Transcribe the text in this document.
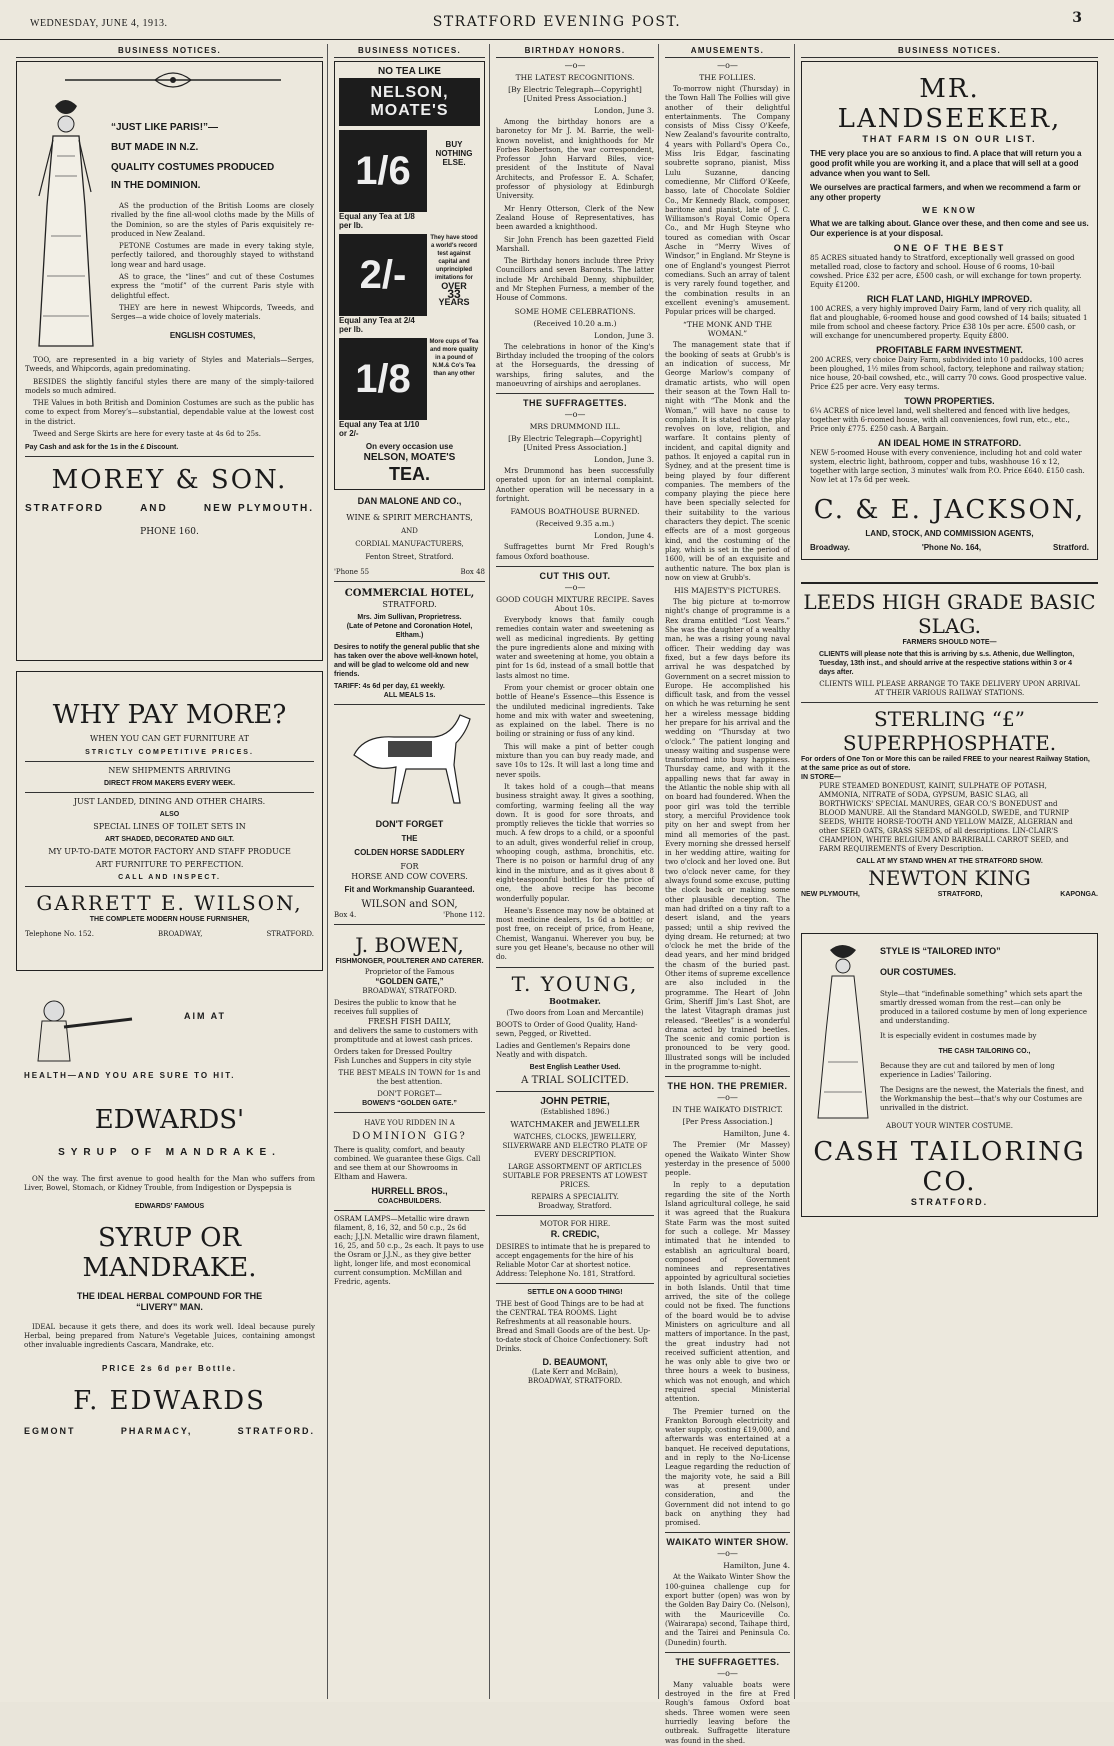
WEDNESDAY, JUNE 4, 1913.	STRATFORD EVENING POST.	3
BUSINESS NOTICES.
“JUST LIKE PARIS!”—
BUT MADE IN N.Z.
QUALITY COSTUMES PRODUCED
IN THE DOMINION.
AS the production of the British Looms are closely rivalled by the fine all-wool cloths made by the Mills of the Dominion, so are the styles of Paris exquisitely re-produced in New Zealand.
PETONE Costumes are made in every taking style, perfectly tailored, and thoroughly stayed to withstand long wear and hard usage.
AS to grace, the “lines” and cut of these Costumes express the “motif” of the current Paris style with delightful effect.
THEY are here in newest Whipcords, Tweeds, and Serges—a wide choice of lovely materials.
ENGLISH COSTUMES,
TOO, are represented in a big variety of Styles and Materials—Serges, Tweeds, and Whipcords, again predominating.
BESIDES the slightly fanciful styles there are many of the simply-tailored models so much admired.
THE Values in both British and Dominion Costumes are such as the public has come to expect from Morey’s—substantial, dependable value at the lowest cost in the district.
Tweed and Serge Skirts are here for every taste at 4s 6d to 25s.
Pay Cash and ask for the 1s in the £ Discount.
MOREY & SON.
STRATFORD	AND	NEW PLYMOUTH.
PHONE 160.
WHY PAY MORE?
WHEN YOU CAN GET FURNITURE AT
STRICTLY COMPETITIVE PRICES.
NEW SHIPMENTS ARRIVING
DIRECT FROM MAKERS EVERY WEEK.
JUST LANDED, DINING AND OTHER CHAIRS.
ALSO
SPECIAL LINES OF TOILET SETS IN
ART SHADED, DECORATED AND GILT.
MY UP-TO-DATE MOTOR FACTORY AND STAFF PRODUCE
ART FURNITURE TO PERFECTION.
CALL AND INSPECT.
GARRETT E. WILSON,
THE COMPLETE MODERN HOUSE FURNISHER,
Telephone No. 152.	BROADWAY,	STRATFORD.
AIM AT
HEALTH—AND YOU ARE SURE TO HIT.
EDWARDS'
SYRUP OF MANDRAKE.
ON the way. The first avenue to good health for the Man who suffers from Liver, Bowel, Stomach, or Kidney Trouble, from Indigestion or Dyspepsia is
EDWARDS' FAMOUS
SYRUP OR MANDRAKE.
THE IDEAL HERBAL COMPOUND FOR THE
“LIVERY” MAN.
IDEAL because it gets there, and does its work well. Ideal because purely Herbal, being prepared from Nature's Vegetable Juices, containing amongst other invaluable ingredients Cascara, Mandrake, etc.
PRICE 2s 6d per Bottle.
F. EDWARDS
EGMONT	PHARMACY,	STRATFORD.
BUSINESS NOTICES.
NO TEA LIKE
NELSON, MOATE'S
1/6
Equal any Tea at 1/8 per lb.
BUY
NOTHING
ELSE.
2/-
Equal any Tea at 2/4 per lb.
They have stood a world's record test against capital and unprincipled imitations for
OVER
33
YEARS
1/8
Equal any Tea at 1/10 or 2/-
More cups of Tea and more quality in a pound of N.M.& Co's Tea than any other
On every occasion use
NELSON, MOATE'S
TEA.
DAN MALONE AND CO.,
WINE & SPIRIT MERCHANTS,
AND
CORDIAL MANUFACTURERS,
Fenton Street, Stratford.
'Phone 55	Box 48
COMMERCIAL HOTEL,
STRATFORD.
Mrs. Jim Sullivan, Proprietress.
(Late of Petone and Coronation Hotel, Eltham.)
Desires to notify the general public that she has taken over the above well-known hotel, and will be glad to welcome old and new friends.
TARIFF: 4s 6d per day, £1 weekly.
ALL MEALS 1s.
DON'T FORGET
THE
COLDEN HORSE SADDLERY
FOR
HORSE AND COW COVERS.
Fit and Workmanship Guaranteed.
WILSON and SON,
Box 4.	'Phone 112.
J. BOWEN,
FISHMONGER, POULTERER AND CATERER.
Proprietor of the Famous
“GOLDEN GATE,”
BROADWAY, STRATFORD.
Desires the public to know that he receives full supplies of
FRESH FISH DAILY,
and delivers the same to customers with promptitude and at lowest cash prices.
Orders taken for Dressed Poultry
Fish Lunches and Suppers in city style
THE BEST MEALS IN TOWN for 1s and the best attention.
DON'T FORGET—
BOWEN'S “GOLDEN GATE.”
HAVE YOU RIDDEN IN A
DOMINION GIG?
There is quality, comfort, and beauty combined. We guarantee these Gigs. Call and see them at our Showrooms in Eltham and Hawera.
HURRELL BROS.,
COACHBUILDERS.
OSRAM LAMPS—Metallic wire drawn filament, 8, 16, 32, and 50 c.p., 2s 6d each; J.J.N. Metallic wire drawn filament, 16, 25, and 50 c.p., 2s each. It pays to use the Osram or J.J.N., as they give better light, longer life, and most economical current consumption. McMillan and Fredric, agents.
BIRTHDAY HONORS.
—o—
THE LATEST RECOGNITIONS.
[By Electric Telegraph—Copyright] [United Press Association.]
London, June 3.
Among the birthday honors are a baronetcy for Mr J. M. Barrie, the well-known novelist, and knighthoods for Mr Forbes Robertson, the war correspondent, Professor John Harvard Biles, vice-president of the Institute of Naval Architects, and Professor E. A. Schafer, professor of physiology at Edinburgh University.
Mr Henry Otterson, Clerk of the New Zealand House of Representatives, has been awarded a knighthood.
Sir John French has been gazetted Field Marshall.
The Birthday honors include three Privy Councillors and seven Baronets. The latter include Mr Archibald Denny, shipbuilder, and Mr Stephen Furness, a member of the House of Commons.
SOME HOME CELEBRATIONS.
(Received 10.20 a.m.)
London, June 3.
The celebrations in honor of the King's Birthday included the trooping of the colors at the Horseguards, the dressing of warships, firing salutes, and the manoeuvring of airships and aeroplanes.
THE SUFFRAGETTES.
—o—
MRS DRUMMOND ILL.
[By Electric Telegraph—Copyright] [United Press Association.]
London, June 3.
Mrs Drummond has been successfully operated upon for an internal complaint. Another operation will be necessary in a fortnight.
FAMOUS BOATHOUSE BURNED.
(Received 9.35 a.m.)
London, June 4.
Suffragettes burnt Mr Fred Rough's famous Oxford boathouse.
CUT THIS OUT.
—o—
GOOD COUGH MIXTURE RECIPE. Saves About 10s.
Everybody knows that family cough remedies contain water and sweetening as well as medicinal ingredients. By getting the pure ingredients alone and mixing with water and sweetening at home, you obtain a pint for 1s 6d, instead of a small bottle that lasts almost no time.
From your chemist or grocer obtain one bottle of Heane's Essence—this Essence is the undiluted medicinal ingredients. Take home and mix with water and sweetening, as explained on the label. There is no boiling or straining or fuss of any kind.
This will make a pint of better cough mixture than you can buy ready made, and save 10s to 12s. It will last a long time and never spoils.
It takes hold of a cough—that means business straight away. It gives a soothing, comforting, warming feeling all the way down. It is good for sore throats, and promptly relieves the tickle that worries so much. A few drops to a child, or a spoonful to an adult, gives wonderful relief in croup, whooping cough, asthma, bronchitis, etc. There is no poison or harmful drug of any kind in the mixture, and as it gives about 8 eight-teaspoonful bottles for the price of one, the above recipe has become wonderfully popular.
Heane's Essence may now be obtained at most medicine dealers, 1s 6d a bottle; or post free, on receipt of price, from Heane, Chemist, Wanganui. Wherever you buy, be sure you get Heane's, because no other will do.
T. YOUNG,
Bootmaker.
(Two doors from Loan and Mercantile)
BOOTS to Order of Good Quality, Hand-sewn, Pegged, or Rivetted.
Ladies and Gentlemen's Repairs done Neatly and with dispatch.
Best English Leather Used.
A TRIAL SOLICITED.
JOHN PETRIE,
(Established 1896.)
WATCHMAKER and JEWELLER
WATCHES, CLOCKS, JEWELLERY, SILVERWARE AND ELECTRO PLATE OF EVERY DESCRIPTION.
LARGE ASSORTMENT OF ARTICLES SUITABLE FOR PRESENTS AT LOWEST PRICES.
REPAIRS A SPECIALITY.
Broadway, Stratford.
MOTOR FOR HIRE.
R. CREDIC,
DESIRES to intimate that he is prepared to accept engagements for the hire of his Reliable Motor Car at shortest notice.
Address: Telephone No. 181, Stratford.
SETTLE ON A GOOD THING!
THE best of Good Things are to be had at the CENTRAL TEA ROOMS. Light Refreshments at all reasonable hours. Bread and Small Goods are of the best. Up-to-date stock of Choice Confectionery. Soft Drinks.
D. BEAUMONT,
(Late Kerr and McBain),
BROADWAY, STRATFORD.
AMUSEMENTS.
—o—
THE FOLLIES.
To-morrow night (Thursday) in the Town Hall The Follies will give another of their delightful entertainments. The Company consists of Miss Cissy O'Keefe, New Zealand's favourite contralto, 4 years with Pollard's Opera Co., Miss Iris Edgar, fascinating soubrette soprano, pianist, Miss Lulu Suzanne, dancing comedienne, Mr Clifford O'Keefe, basso, late of Chocolate Soldier Co., Mr Kennedy Black, composer, baritone and pianist, late of J. C. Williamson's Royal Comic Opera Co., and Mr Hugh Steyne who toured as comedian with Oscar Asche in “Merry Wives of Windsor,” in England. Mr Steyne is one of England's youngest Pierrot comedians. Such an array of talent is very rarely found together, and the combination results in an excellent evening's amusement. Popular prices will be charged.
“THE MONK AND THE WOMAN.”
The management state that if the booking of seats at Grubb's is an indication of success, Mr George Marlow's company of dramatic artists, who will open their season at the Town Hall to-night with “The Monk and the Woman,” will have no cause to complain. It is stated that the play revolves on love, religion, and warfare. It contains plenty of incident, and capital dignity and pathos. It enjoyed a capital run in Sydney, and at the present time is being played by four different companies. The members of the company playing the piece here have been specially selected for their suitability to the various characters they depict. The scenic effects are of a most gorgeous kind, and the costuming of the play, which is set in the period of 1600, will be of an exquisite and authentic nature. The box plan is now on view at Grubb's.
HIS MAJESTY'S PICTURES.
The big picture at to-morrow night's change of programme is a Rex drama entitled “Lost Years.” She was the daughter of a wealthy man, he was a rising young naval officer. Their wedding day was fixed, but a few days before its arrival he was despatched by Government on a secret mission to Europe. He accomplished his difficult task, and from the vessel on which he was returning he sent her a wireless message bidding her prepare for his arrival and the wedding on “Thursday at two o'clock.” The patient longing and uneasy waiting and suspense were transformed into busy happiness. Thursday came, and with it the appalling news that far away in the Atlantic the noble ship with all on board had foundered. When the poor girl was told the terrible story, a merciful Providence took pity on her and swept from her mind all memories of the past. Every morning she dressed herself in her wedding attire, waiting for two o'clock and her loved one. But two o'clock never came, for they always found some excuse, putting the clock back or making some other plausible deception. The man had drifted on a tiny raft to a desert island, and the years passed; until a ship revived the dying dream. He returned; at two o'clock he met the bride of the dead years, and her mind bridged the chasm of the buried past. Other items of supreme excellence are also included in the programme. The Heart of John Grim, Sheriff Jim's Last Shot, are the latest Vitagraph dramas just released. “Beetles” is a wonderful drama acted by trained beetles. The scenic and comic portion is pronounced to be very good. Illustrated songs will be included in the programme to-night.
THE HON. THE PREMIER.
—o—
IN THE WAIKATO DISTRICT.
[Per Press Association.]
Hamilton, June 4.
The Premier (Mr Massey) opened the Waikato Winter Show yesterday in the presence of 5000 people.
In reply to a deputation regarding the site of the North Island agricultural college, he said it was agreed that the Ruakura State Farm was the most suited for such a college. Mr Massey intimated that he intended to establish an agricultural board, composed of Government nominees and representatives appointed by agricultural societies in both Islands. Until that time arrived, the site of the college could not be fixed. The functions of the board would be to advise Ministers on agriculture and all matters of importance. In the past, the great industry had not received sufficient attention, and he was only able to give two or three hours a week to business, which was not enough, and which required special Ministerial attention.
The Premier turned on the Frankton Borough electricity and water supply, costing £19,000, and afterwards was entertained at a banquet. He received deputations, and in reply to the No-License League regarding the reduction of the majority vote, he said a Bill was at present under consideration, and the Government did not intend to go back on anything they had promised.
WAIKATO WINTER SHOW.
—o—
Hamilton, June 4.
At the Waikato Winter Show the 100-guinea challenge cup for export butter (open) was won by the Golden Bay Dairy Co. (Nelson), with the Mauriceville Co. (Wairarapa) second, Taihape third, and the Tairei and Peninsula Co. (Dunedin) fourth.
THE SUFFRAGETTES.
—o—
Many valuable boats were destroyed in the fire at Fred Rough's famous Oxford boat sheds. Three women were seen hurriedly leaving before the outbreak. Suffragette literature was found in the shed.
BUSINESS NOTICES.
MR. LANDSEEKER,
THAT FARM IS ON OUR LIST.
THE very place you are so anxious to find. A place that will return you a good profit while you are working it, and a place that will sell at a good advance when you want to Sell.
We ourselves are practical farmers, and when we recommend a farm or any other property
WE KNOW
What we are talking about. Glance over these, and then come and see us. Our experience is at your disposal.
ONE OF THE BEST
85 ACRES situated handy to Stratford, exceptionally well grassed on good metalled road, close to factory and school. House of 6 rooms, 10-bail cowshed. Price £32 per acre, £500 cash, or will exchange for town property. Equity £1200.
RICH FLAT LAND, HIGHLY IMPROVED.
100 ACRES, a very highly improved Dairy Farm, land of very rich quality, all flat and ploughable, 6-roomed house and good cowshed of 14 bails; situated 1 mile from school and cheese factory. Price £38 10s per acre. £500 cash, or will exchange for unencumbered property. Equity £800.
PROFITABLE FARM INVESTMENT.
200 ACRES, very choice Dairy Farm, subdivided into 10 paddocks, 100 acres been ploughed, 1½ miles from school, factory, telephone and railway station; nice house, 20-bail cowshed, etc., will carry 70 cows. Good prospective value. Price £25 per acre. Very easy terms.
TOWN PROPERTIES.
6¼ ACRES of nice level land, well sheltered and fenced with live hedges, together with 6-roomed house, with all conveniences, fowl run, etc., etc., Price only £775. £250 cash. A Bargain.
AN IDEAL HOME IN STRATFORD.
NEW 5-roomed House with every convenience, including hot and cold water system, electric light, bathroom, copper and tubs, washhouse 16 x 12, together with large section, 3 minutes' walk from P.O. Price £640. £150 cash. Now let at 17s 6d per week.
C. & E. JACKSON,
LAND, STOCK, AND COMMISSION AGENTS,
Broadway.	'Phone No. 164,	Stratford.
LEEDS HIGH GRADE BASIC
SLAG.
FARMERS SHOULD NOTE—
CLIENTS will please note that this is arriving by s.s. Athenic, due Wellington, Tuesday, 13th inst., and should arrive at the respective stations within 3 or 4 days after.
CLIENTS WILL PLEASE ARRANGE TO TAKE DELIVERY UPON ARRIVAL AT THEIR VARIOUS RAILWAY STATIONS.
STERLING “£”
SUPERPHOSPHATE.
For orders of One Ton or More this can be railed FREE to your nearest Railway Station, at the same price as out of store.
IN STORE—
PURE STEAMED BONEDUST, KAINIT, SULPHATE OF POTASH, AMMONIA, NITRATE of SODA, GYPSUM, BASIC SLAG, all BORTHWICKS' SPECIAL MANURES, GEAR CO.'S BONEDUST and BLOOD MANURE. All the Standard MANGOLD, SWEDE, and TURNIP SEEDS, WHITE HORSE-TOOTH AND YELLOW MAIZE, ALGERIAN and other SEED OATS, GRASS SEEDS, of all descriptions. LIN-CLAIR'S CHAMPION, WHITE BELGIUM AND BARRIBALL CARROT SEED, and FARM REQUIREMENTS of Every Description.
CALL AT MY STAND WHEN AT THE STRATFORD SHOW.
NEWTON KING
NEW PLYMOUTH,	STRATFORD,	KAPONGA.
STYLE IS “TAILORED INTO”
OUR COSTUMES.
Style—that “indefinable something” which sets apart the smartly dressed woman from the rest—can only be produced in a tailored costume by men of long experience and understanding.
It is especially evident in costumes made by
THE CASH TAILORING CO.,
Because they are cut and tailored by men of long experience in Ladies' Tailoring.
The Designs are the newest, the Materials the finest, and the Workmanship the best—that's why our Costumes are unrivalled in the district.
ABOUT YOUR WINTER COSTUME.
CASH TAILORING CO.
STRATFORD.
